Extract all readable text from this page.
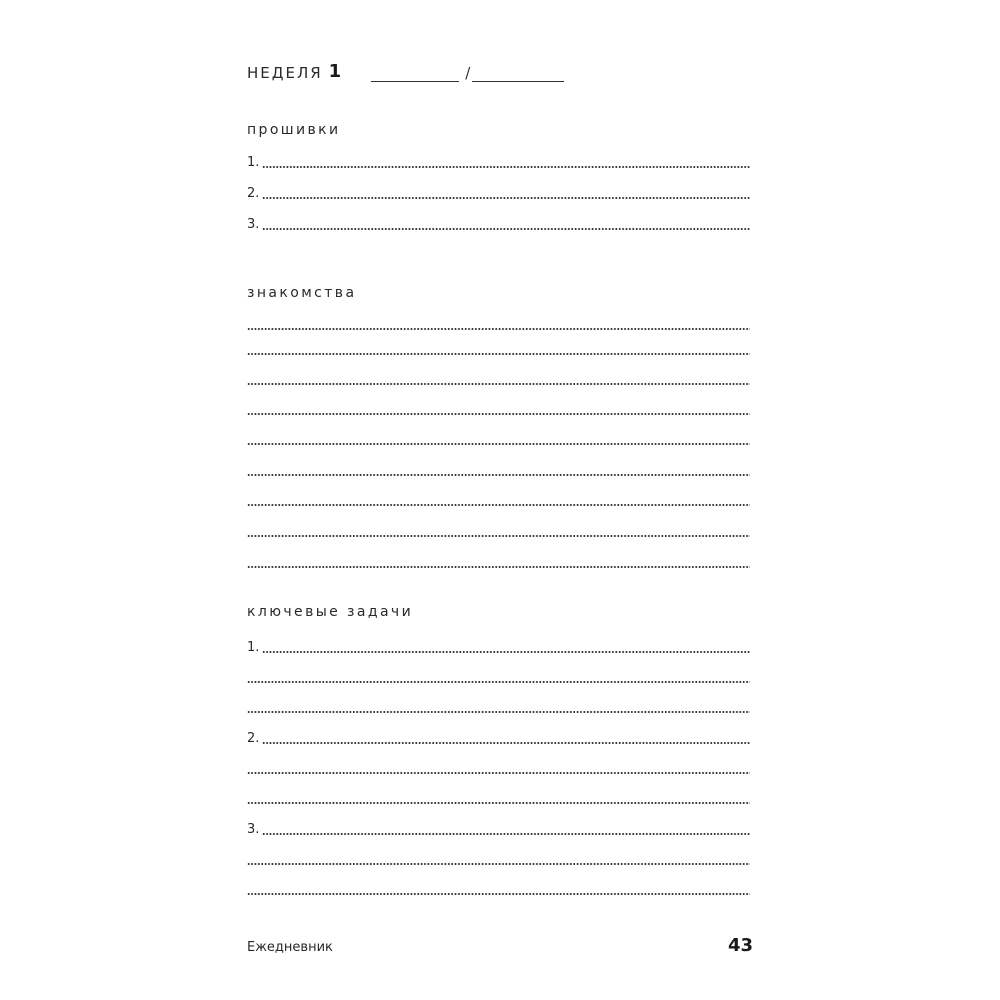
НЕДЕЛЯ 1	/
прошивки
1.
2.
3.
знакомства
ключевые задачи
1.
2.
3.
Ежедневник	43
